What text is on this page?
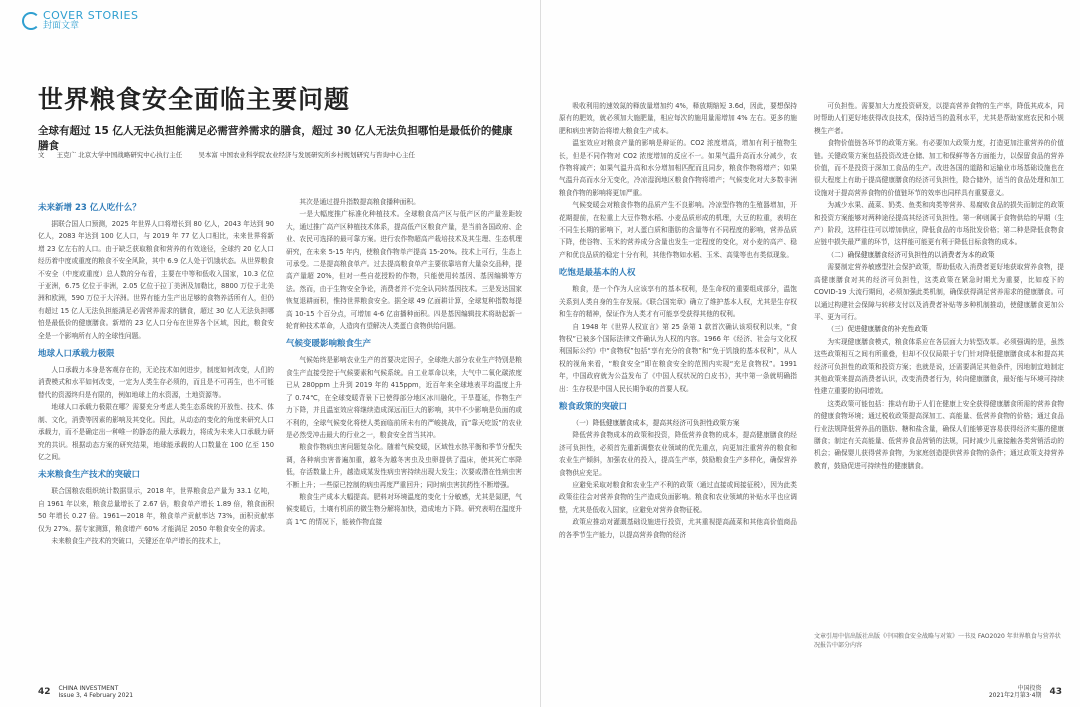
COVER STORIES
封面文章
世界粮食安全面临主要问题
全球有超过 15 亿人无法负担能满足必需营养需求的膳食，超过 30 亿人无法负担哪怕是最低价的健康膳食
文 王克广 北京大学中国战略研究中心执行主任 吴本富 中国农业科学院农业经济与发展研究所乡村规划研究与咨询中心主任
未来新增 23 亿人吃什么？

据联合国人口预测，2025 年世界人口将增长到 80 亿人，2043 年达到 90 亿人，2083 年达到 100 亿人口，与 2019 年 77 亿人口相比，未来世界将新增 23 亿左右的人口。由于缺乏获取粮食和营养的有效途径，全球约 20 亿人口经历着中度或重度的粮食不安全风险，其中 6.9 亿人处于饥饿状态。从世界粮食不安全（中度或重度）总人数的分布看，主要在中等和低收入国家，10.3 亿位于亚洲，6.75 亿位于非洲，2.05 亿位于拉丁美洲及加勒比，8800 万位于北美洲和欧洲，590 万位于大洋洲。世界有能力生产出足够的食物养活所有人，但仍有超过 15 亿人无法负担能满足必需营养需求的膳食，超过 30 亿人无法负担哪怕是最低价的健康膳食。新增的 23 亿人口分布在世界各个区域，因此，粮食安全是一个影响所有人的全球性问题。

地球人口承载力极限

人口承载力本身是客观存在的，无论技术如何进步，制度如何改变，人们的消费模式和水平如何改变，一定为人类生存必须的，而且是不可再生，也不可能替代的资源终归是有限的，例如地球上的水资源，土地资源等。

地球人口承载力极限在哪？需要充分考虑人类生态系统的开放性、技术、体制、文化，消费等因素的影响及其变化。因此，从动态的变化的角度来研究人口承载力，而不是确定出一种唯一的静态的最大承载力，将成为未来人口承载力研究的共识。根据动态方案的研究结果，地球能承载的人口数量在 100 亿至 150 亿之间。

未来粮食生产技术的突破口

联合国粮农组织统计数据显示，2018 年，世界粮食总产量为 33.1 亿吨，自 1961 年以来，粮食总量增长了 2.67 倍，粮食单产增长 1.89 倍，粮食面积 50 年增长 0.27 倍。1961—2018 年，粮食单产贡献率达 73%，面积贡献率仅为 27%。据专家测算，粮食增产 60% 才能满足 2050 年粮食安全的需求。

未来粮食生产技术的突破口，关键还在单产增长的技术上，

其次是通过提升指数提高粮食播种面积。

一是大幅度推广标准化种植技术。全球粮食高产区与低产区的产量差距较大，通过推广高产区种植技术体系，提高低产区粮食产量，是当前各国政府、企业、农民可选择的最可靠方案。进行农作物超高产栽培技术及其生理、生态机理研究，在未来 5-15 年内，使粮食作物单产提高 15-20%。技术上可行，生态上可承受。二是提高粮食单产。过去提高粮食单产主要依靠培育大量杂交品种，提高产量超 20%，但对一些自花授粉的作物，只能使用转基因、基因编辑等方法。然而，由于生物安全争论，消费者并不完全认同转基因技术。三是发达国家恢复退耕面积，惟持世界粮食安全。据全球 49 亿面耕计算，全球复种指数每提高 10-15 个百分点，可增加 4-6 亿亩播种面积。四是基因编辑技术将助起新一轮育种技术革命，人造肉有望解决人类蛋白食物供给问题。

气候变暖影响粮食生产

气候始终是影响农业生产的首要决定因子，全球绝大部分农业生产特别是粮食生产直接受控于气候要素和气候系统。自工业革命以来，大气中二氧化碳浓度已从 280ppm 上升到 2019 年的 415ppm，近百年来全球地表平均温度上升了 0.74℃，在全球变暖背景下已使得部分地区冰川融化，干旱蔓延，作物生产力下降，并且温室效应将继续造成深远而巨大的影响，其中不少影响是负面的或不利的，全球气候变化将使人类面临前所未有的严峻挑战，而“靠天吃饭”的农业是必然受冲击最大的行业之一，粮食安全首当其冲。

粮食作物病虫害问题复杂化。随着气候变暖，区域性水热平衡和季节分配失调，各种病虫害普遍加重，越冬为越冬害虫及虫卵提供了温床，使其死亡率降低，存活数量上升，越造成某发性病虫害持续出现大发生；次要或潜在性病虫害不断上升；一些原已控制的病虫再度严重回升；同时病虫害抗药性不断增强。

粮食生产成本大幅提高。肥料对环境温度的变化十分敏感，尤其是氮肥，气候变暖后，土壤有机质的微生物分解将加快，造成地力下降。研究表明在温度升高 1℃ 的情况下，能被作物直接

42 CHINA INVESTMENT
Issue 3, 4 February 2021

吸收利用的速效氮的释放量增加约 4%，释放期缩短 3.6d，因此，要想保持原有的肥效，就必须加大施肥量，相应每次的施用量需增加 4% 左右。更多的施肥和病虫害防治将增大粮食生产成本。

温室效应对粮食产量的影响是辩证的。CO2 浓度增高，增加有利于植物生长，但是不同作物对 CO2 浓度增加的反应不一。如果气温升高而水分减少，农作物将减产；如果气温升高和水分增加相匹配而且同步，粮食作物将增产；如果气温升高而水分无变化，冷凉湿润地区粮食作物将增产；气候变化对大多数非洲粮食作物的影响将更加严重。

气候变暖会对粮食作物的品质产生不良影响。冷凉型作物的生殖器增加，开花期提前，在粒重上大豆作物水稻、小麦品质形成的机理，大豆的粒重，表明在不同生长期的影响下，对人蛋白质和脂肪的含量等有不同程度的影响，营养品质下降，使谷物、玉米的营养成分含量也发生一定程度的变化，对小麦的高产、稳产和优良品质的稳定十分有利，其他作物如水稻、玉米、高粱等也有类似现象。

吃饱是最基本的人权

粮食，是一个作为人应该享有的基本权利，是生命权的重要组成部分，温饱关系到人类自身的生存发展。《联合国宪章》确立了维护基本人权，尤其是生存权和生存的精神，保证作为人类才有可能享受获得其他的权利。

自 1948 年《世界人权宣言》第 25 条第 1 款首次确认该项权利以来，“食物权”已被多个国际法律文件确认为人权的内容。1966 年《经济、社会与文化权利国际公约》中“食物权”包括“享有充分的食物”和“免于饥饿的基本权利”，从人权的视角来看，“粮食安全”即在粮食安全的范围内实现“充足食物权”。1991 年，中国政府就为公益发布了《中国人权状况的白皮书》，其中第一条就明确指出：生存权是中国人民长期争取的首要人权。

粮食政策的突破口

（一）降低健康膳食成本，提高其经济可负担性政策方案

降低营养食物成本的政策和投资，降低营养食物的成本，提高健康膳食的经济可负担性，必须首先重新调整农业领域的优先重点，向更加注重营养的粮食和农业生产倾斜，加强农业的投入，提高生产率，鼓励粮食生产多样化，确保营养食物供应充足。

应避免采取对粮食和农业生产不利的政策（通过直接或间接征税），因为此类政策往往会对营养食物的生产造成负面影响。粮食和农业领域的补贴水平也应调整，尤其是低收入国家，应避免对营养食物征税。

政策应推动对灌溉基础设施进行投资，尤其重视提高蔬菜和其他高价值商品的各季节生产能力，以提高营养食物的经济

可负担性。需要加大力度投资研发，以提高营养食物的生产率，降低其成本，同时帮助人们更好地获得改良技术，保持适当的盈利水平，尤其是帮助家庭农民和小规模生产者。

食物价值链各环节的政策方案。有必要加大政策力度，打造更加注重营养的价值链。关键政策方案包括投资改进仓储、加工和保鲜等各方面能力，以保留食品的营养价值，而不是投资于深加工食品的生产。改进各国的道路和运输业市场基础设施也在很大程度上有助于提高健康膳食的经济可负担性，除合储外，适当的食品处理和加工设施对于提高营养食物的价值链环节的效率也同样具有重要意义。

为减少水果、蔬菜、奶类、鱼类和肉类等营养、易腐败食品的损失而制定的政策和投资方案能够对两种途径提高其经济可负担性。第一种则属于食物供给的早期（生产）阶段，这样往往可以增加供应，降低食品的市场批发价格；第二种是降低食物食应链中损失最严重的环节，这样能可能更有利于降低目标食物的成本。

（二）确保健康膳食经济可负担性的以消费者为本的政策

需要制定营养敏感型社会保护政策，帮助低收入消费者更好地获取营养食物，提高健康膳食对其的经济可负担性，这类政策在紧急时期尤为重要，比如疫下的 COVID-19 大流行期间，必须加强此类机制，确保获得满足营养需求的健康膳食。可以通过构建社会保障与转移支付以及消费者补贴等多种机制推动，使健康膳食更加公平、更为可行。

（三）促进健康膳食的补充性政策

为实现健康膳食模式，粮食体系应在各层面大力转型改革。必须强调的是，虽然这些政策相互之间有所重叠，但却不仅仅局限于专门针对降低健康膳食成本和提高其经济可负担性的政策和投资方案；也就是说，还需要满足其他条件，因地制宜地制定其他政策来提高消费者认识，改变消费者行为，转向健康膳食，最好能与环境可持续性建立重要的协同增效。

这类政策可能包括：推动有助于人们在健康上安全获得健康膳食所需的营养食物的健康食物环境；通过税收政策提高深加工、高能量、低营养食物的价格；通过食品行业法规降低营养品的脂肪、糖和盐含量，确保人们能够更容易获得经济实惠的健康膳食；制定有关高能量、低营养食品营销的法规，同时减少儿童接触各类营销活动的机会；确保婴儿获得营养食物，为家庭创造提供营养食物的条件；通过政策支持营养教育，鼓励促进可持续性的健康膳食。

文章引用中信出版社出版《中国粮食安全战略与对策》一书及 FAO2020 年世界粮食与营养状况报告中部分内容
中国投资
2021年2月第3·4期 43
